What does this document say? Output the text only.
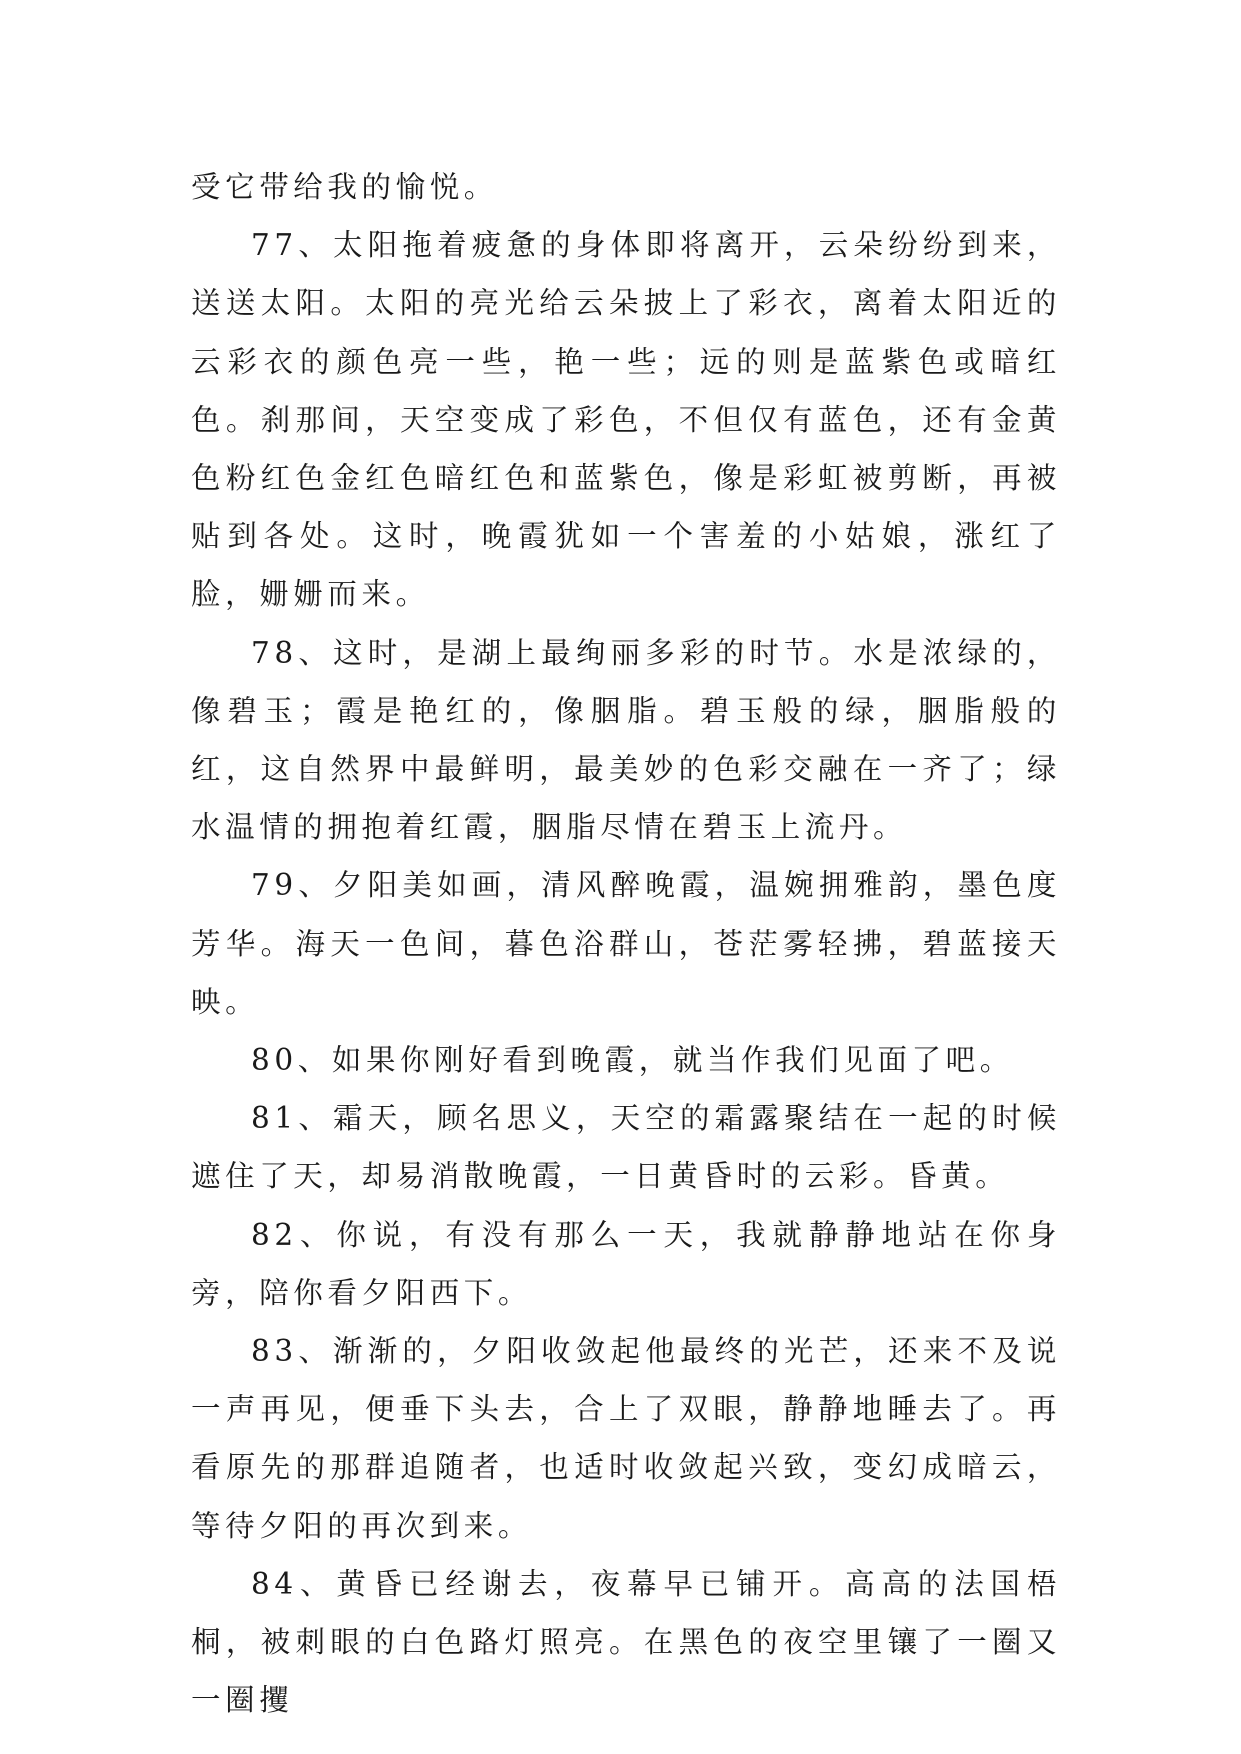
受它带给我的愉悦。

77、太阳拖着疲惫的身体即将离开，云朵纷纷到来，送送太阳。太阳的亮光给云朵披上了彩衣，离着太阳近的云彩衣的颜色亮一些，艳一些；远的则是蓝紫色或暗红色。刹那间，天空变成了彩色，不但仅有蓝色，还有金黄色粉红色金红色暗红色和蓝紫色，像是彩虹被剪断，再被贴到各处。这时，晚霞犹如一个害羞的小姑娘，涨红了脸，姗姗而来。

78、这时，是湖上最绚丽多彩的时节。水是浓绿的，像碧玉；霞是艳红的，像胭脂。碧玉般的绿，胭脂般的红，这自然界中最鲜明，最美妙的色彩交融在一齐了；绿水温情的拥抱着红霞，胭脂尽情在碧玉上流丹。

79、夕阳美如画，清风醉晚霞，温婉拥雅韵，墨色度芳华。海天一色间，暮色浴群山，苍茫雾轻拂，碧蓝接天映。

80、如果你刚好看到晚霞，就当作我们见面了吧。

81、霜天，顾名思义，天空的霜露聚结在一起的时候遮住了天，却易消散晚霞，一日黄昏时的云彩。昏黄。

82、你说，有没有那么一天，我就静静地站在你身旁，陪你看夕阳西下。

83、渐渐的，夕阳收敛起他最终的光芒，还来不及说一声再见，便垂下头去，合上了双眼，静静地睡去了。再看原先的那群追随者，也适时收敛起兴致，变幻成暗云，等待夕阳的再次到来。

84、黄昏已经谢去，夜幕早已铺开。高高的法国梧桐，被刺眼的白色路灯照亮。在黑色的夜空里镶了一圈又一圈攫
